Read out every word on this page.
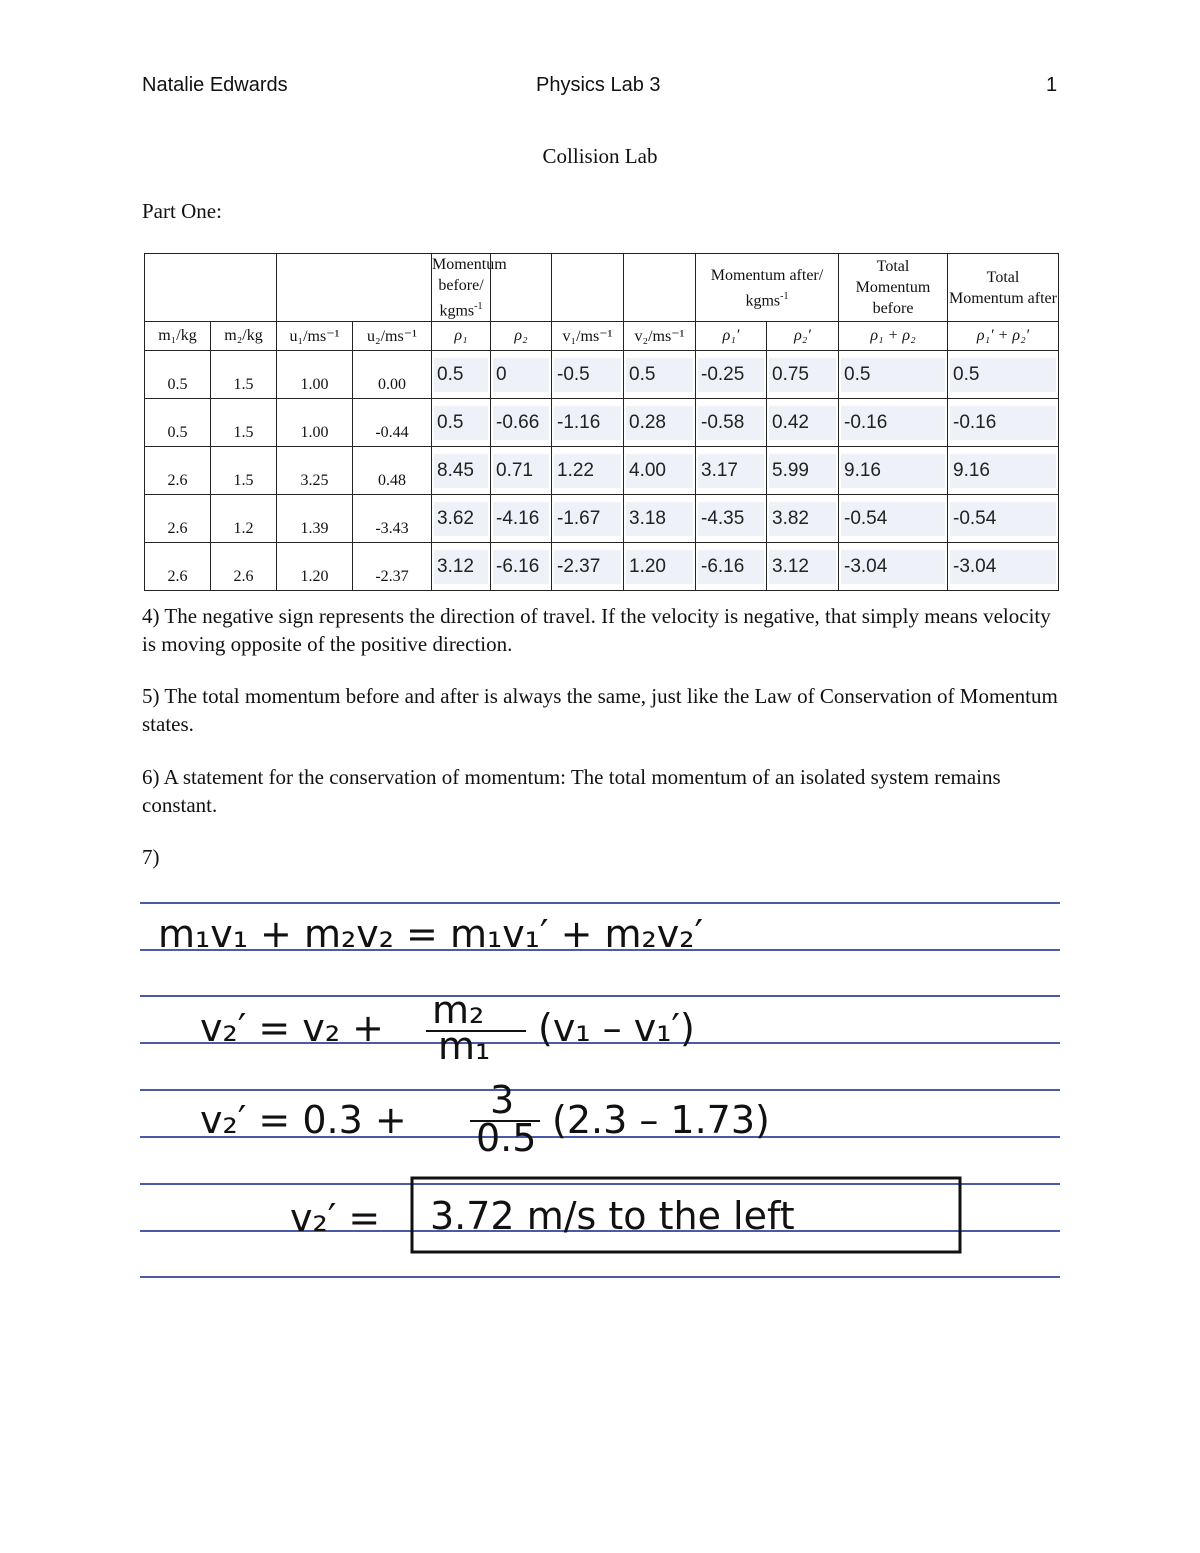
Natalie Edwards	Physics Lab 3	1
Collision Lab
Part One:
				Momentum before/ kgms$^{-1}$				Momentum after/ kgms$^{-1}$		Total Momentum before	Total Momentum after
m₁/kg	m₂/kg	u₁/ms⁻¹	u₂/ms⁻¹	ρ₁	ρ₂	v₁/ms⁻¹	v₂/ms⁻¹	ρ₁′	ρ₂′	ρ₁ + ρ₂	ρ₁′ + ρ₂′
0.5	1.5	1.00	0.00	0.5	0	-0.5	0.5	-0.25	0.75	0.5	0.5

0.5	1.5	1.00	-0.44	0.5	-0.66	-1.16	0.28	-0.58	0.42	-0.16	-0.16

2.6	1.5	3.25	0.48	8.45	0.71	1.22	4.00	3.17	5.99	9.16	9.16

2.6	1.2	1.39	-3.43	3.62	-4.16	-1.67	3.18	-4.35	3.82	-0.54	-0.54

2.6	2.6	1.20	-2.37	3.12	-6.16	-2.37	1.20	-6.16	3.12	-3.04	-3.04
4) The negative sign represents the direction of travel. If the velocity is negative, that simply means velocity is moving opposite of the positive direction.
5) The total momentum before and after is always the same, just like the Law of Conservation of Momentum states.
6) A statement for the conservation of momentum: The total momentum of an isolated system remains constant.
7)
m₁v₁ + m₂v₂ = m₁v₁′ + m₂v₂′
v₂′ = v₂ + m₂
m₁ (v₁ – v₁′)
v₂′ = 0.3 + 3
0.5 (2.3 – 1.73)
v₂′ = 3.72 m/s to the left
